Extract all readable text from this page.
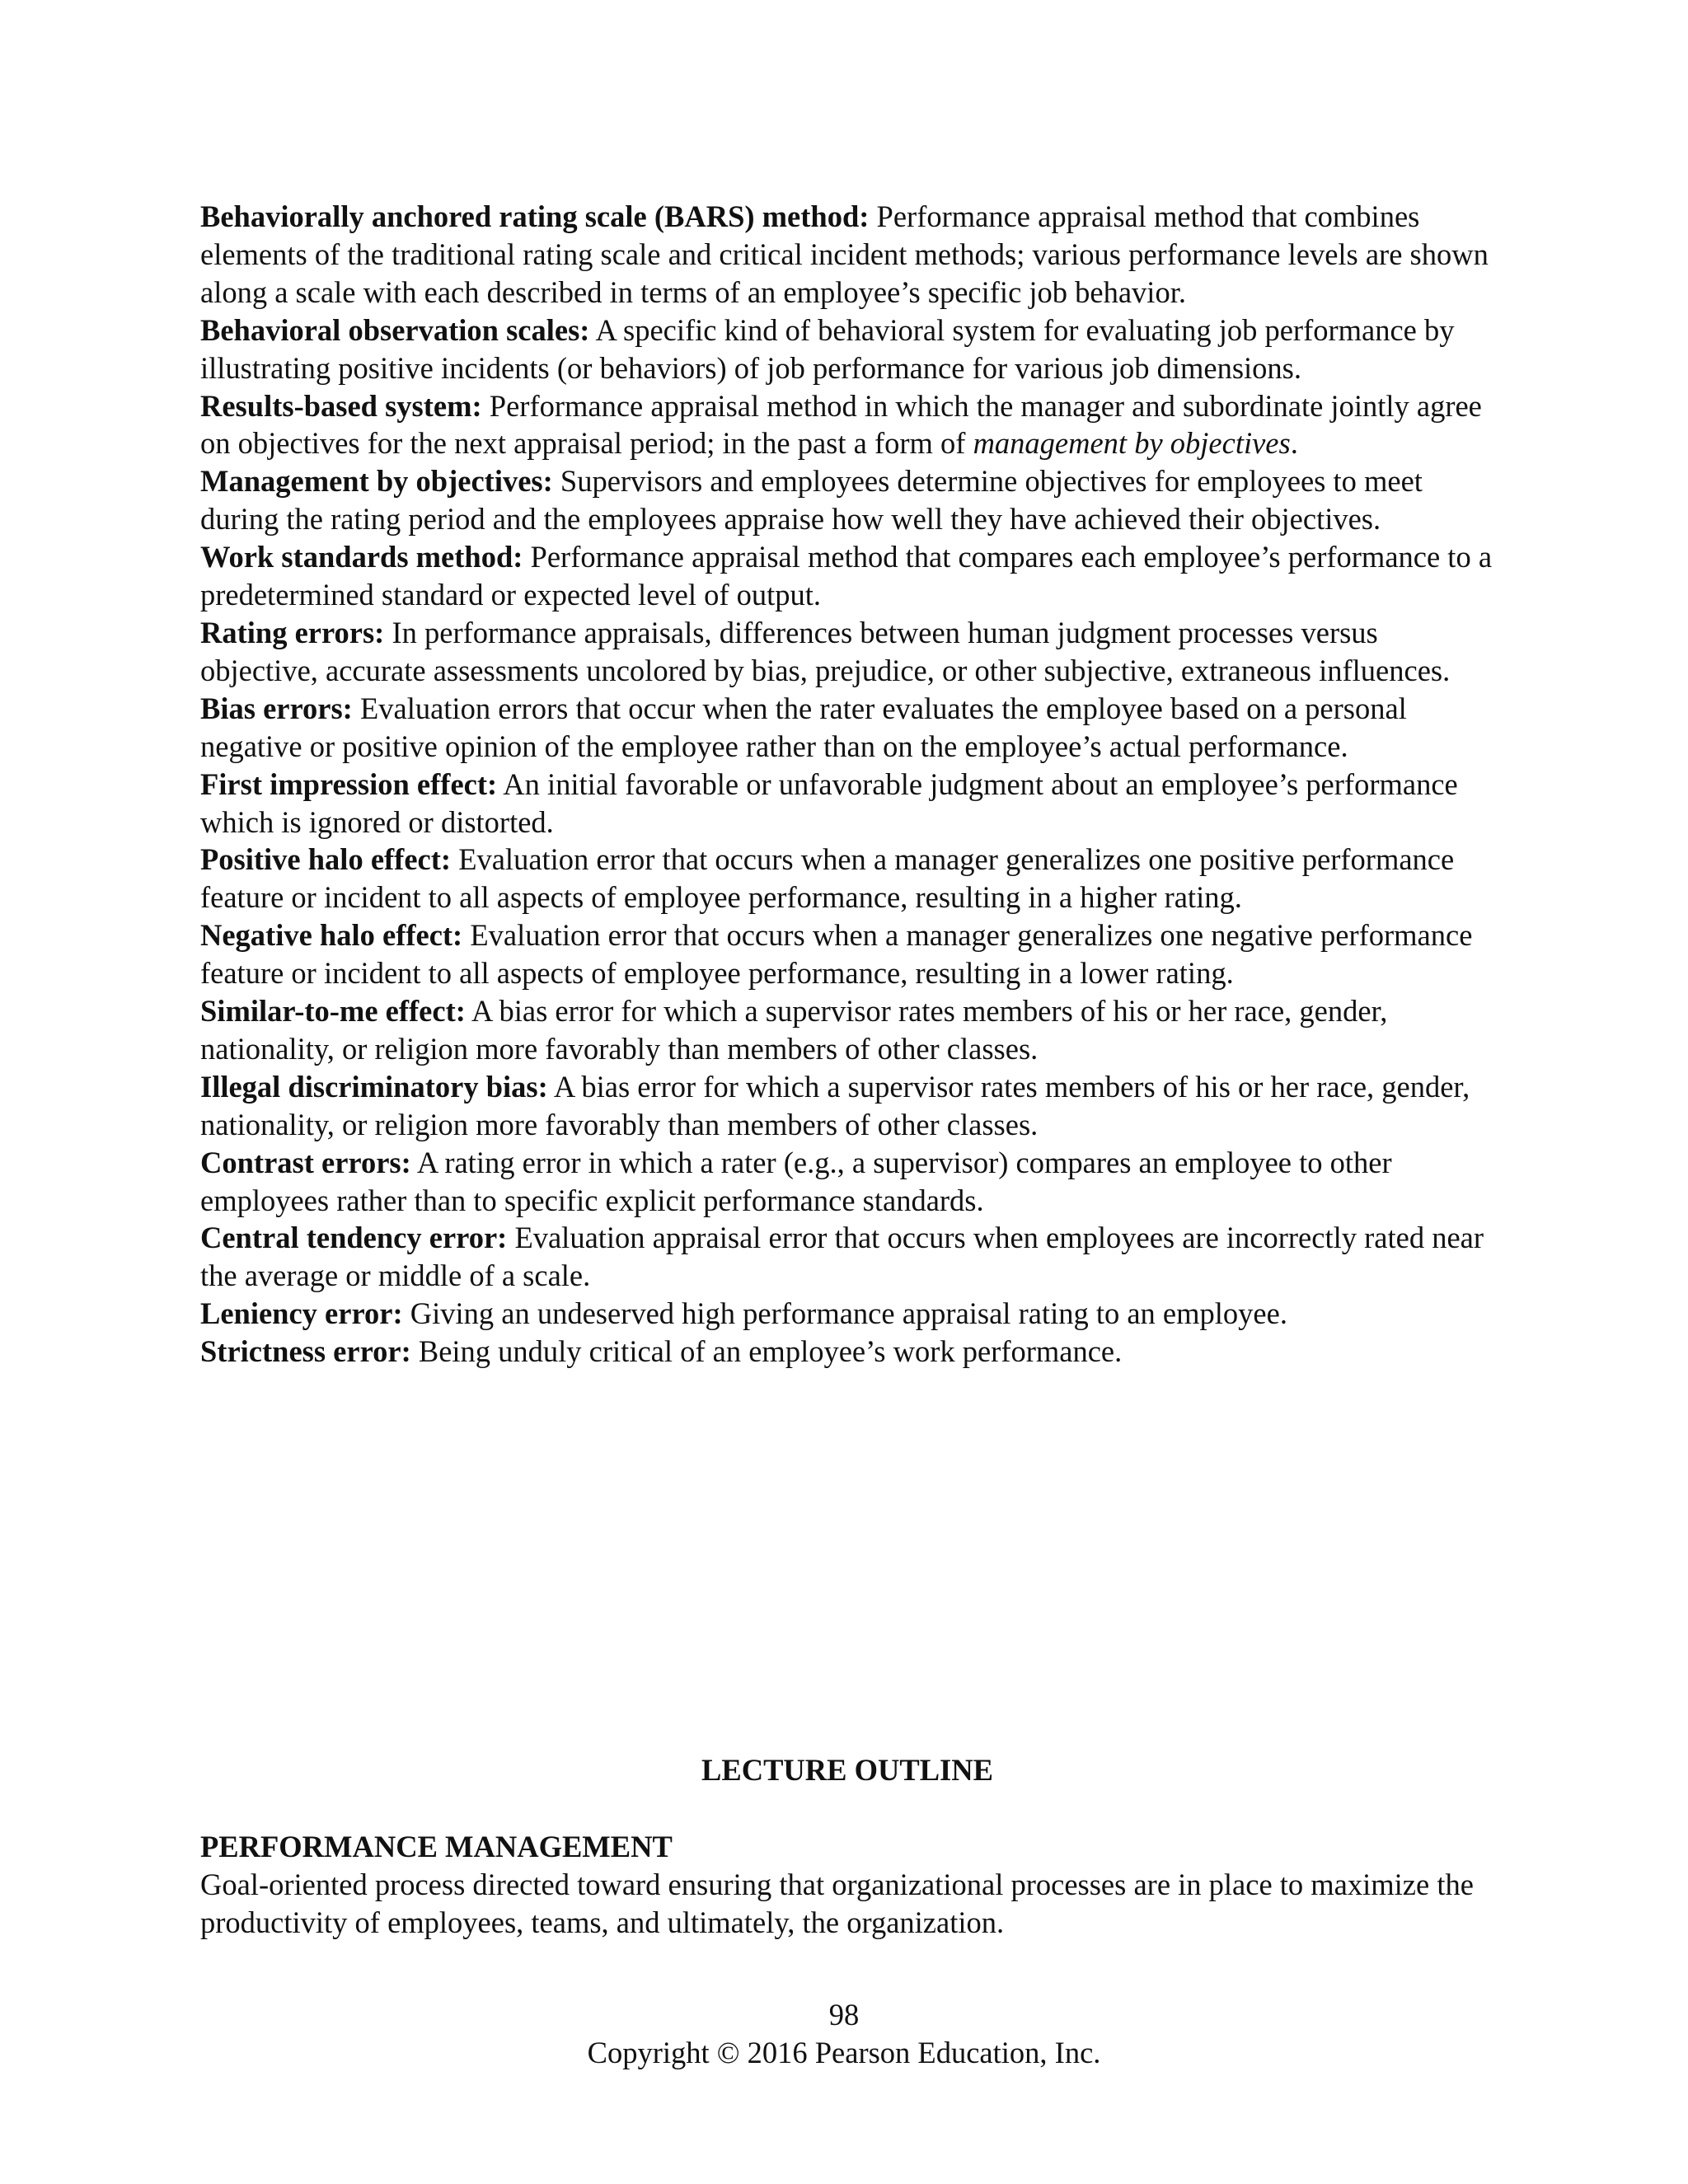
Behaviorally anchored rating scale (BARS) method: Performance appraisal method that combines elements of the traditional rating scale and critical incident methods; various performance levels are shown along a scale with each described in terms of an employee’s specific job behavior.

Behavioral observation scales: A specific kind of behavioral system for evaluating job performance by illustrating positive incidents (or behaviors) of job performance for various job dimensions.

Results-based system: Performance appraisal method in which the manager and subordinate jointly agree on objectives for the next appraisal period; in the past a form of management by objectives.

Management by objectives: Supervisors and employees determine objectives for employees to meet during the rating period and the employees appraise how well they have achieved their objectives.

Work standards method: Performance appraisal method that compares each employee’s performance to a predetermined standard or expected level of output.

Rating errors: In performance appraisals, differences between human judgment processes versus objective, accurate assessments uncolored by bias, prejudice, or other subjective, extraneous influences.

Bias errors: Evaluation errors that occur when the rater evaluates the employee based on a personal negative or positive opinion of the employee rather than on the employee’s actual performance.

First impression effect: An initial favorable or unfavorable judgment about an employee’s performance which is ignored or distorted.

Positive halo effect: Evaluation error that occurs when a manager generalizes one positive performance feature or incident to all aspects of employee performance, resulting in a higher rating.

Negative halo effect: Evaluation error that occurs when a manager generalizes one negative performance feature or incident to all aspects of employee performance, resulting in a lower rating.

Similar-to-me effect: A bias error for which a supervisor rates members of his or her race, gender, nationality, or religion more favorably than members of other classes.

Illegal discriminatory bias: A bias error for which a supervisor rates members of his or her race, gender, nationality, or religion more favorably than members of other classes.

Contrast errors: A rating error in which a rater (e.g., a supervisor) compares an employee to other employees rather than to specific explicit performance standards.

Central tendency error: Evaluation appraisal error that occurs when employees are incorrectly rated near the average or middle of a scale.

Leniency error: Giving an undeserved high performance appraisal rating to an employee.

Strictness error: Being unduly critical of an employee’s work performance.

LECTURE OUTLINE
PERFORMANCE MANAGEMENT
Goal-oriented process directed toward ensuring that organizational processes are in place to maximize the productivity of employees, teams, and ultimately, the organization.
98
Copyright © 2016 Pearson Education, Inc.
